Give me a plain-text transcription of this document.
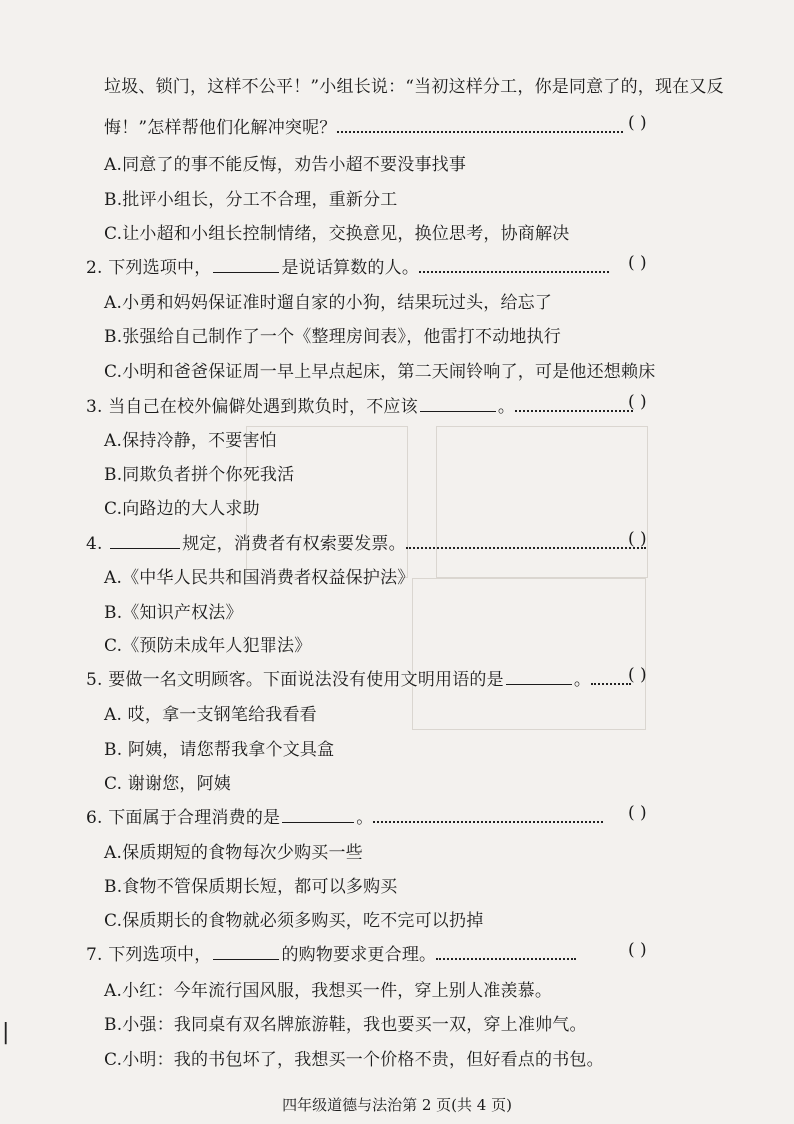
|
垃圾、锁门，这样不公平！”小组长说：“当初这样分工，你是同意了的，现在又反
悔！”怎样帮他们化解冲突呢？	( )
A.同意了的事不能反悔，劝告小超不要没事找事
B.批评小组长，分工不合理，重新分工
C.让小超和小组长控制情绪，交换意见，换位思考，协商解决
2. 下列选项中，	是说话算数的人。	( )
A.小勇和妈妈保证准时遛自家的小狗，结果玩过头，给忘了
B.张强给自己制作了一个《整理房间表》，他雷打不动地执行
C.小明和爸爸保证周一早上早点起床，第二天闹铃响了，可是他还想赖床
3. 当自己在校外偏僻处遇到欺负时，不应该	。	( )
A.保持冷静，不要害怕
B.同欺负者拼个你死我活
C.向路边的大人求助
4.	规定，消费者有权索要发票。	( )
A.《中华人民共和国消费者权益保护法》
B.《知识产权法》
C.《预防未成年人犯罪法》
5. 要做一名文明顾客。下面说法没有使用文明用语的是	。	( )
A. 哎，拿一支钢笔给我看看
B. 阿姨，请您帮我拿个文具盒
C. 谢谢您，阿姨
6. 下面属于合理消费的是	。	( )
A.保质期短的食物每次少购买一些
B.食物不管保质期长短，都可以多购买
C.保质期长的食物就必须多购买，吃不完可以扔掉
7. 下列选项中，	的购物要求更合理。	( )
A.小红：今年流行国风服，我想买一件，穿上别人准羡慕。
B.小强：我同桌有双名牌旅游鞋，我也要买一双，穿上准帅气。
C.小明：我的书包坏了，我想买一个价格不贵，但好看点的书包。
四年级道德与法治第 2 页(共 4 页)
